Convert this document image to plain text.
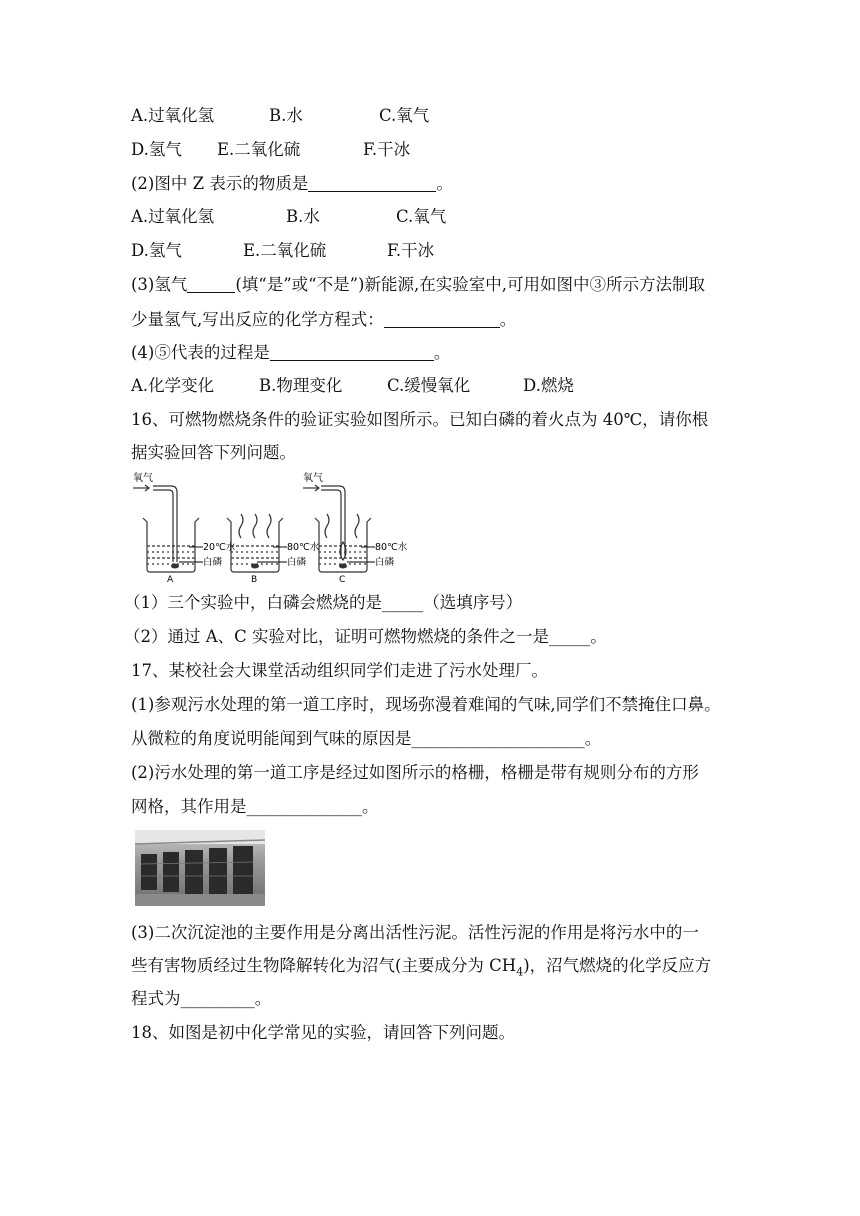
A.过氧化氢	B.水	C.氧气
D.氢气 E.二氧化硫	F.干冰
(2)图中 Z 表示的物质是	。
A.过氧化氢	B.水	C.氧气
D.氢气	E.二氧化硫	F.干冰
(3)氢气	(填“是”或“不是”)新能源,在实验室中,可用如图中③所示方法制取
少量氢气,写出反应的化学方程式：	。
(4)⑤代表的过程是	。
A.化学变化	B.物理变化	C.缓慢氧化	D.燃烧
16、可燃物燃烧条件的验证实验如图所示。已知白磷的着火点为 40℃，请你根
据实验回答下列问题。
氧气	氧气
20℃水
白磷
80℃水
白磷
80℃水
白磷
A	B	C
（1）三个实验中，白磷会燃烧的是_____（选填序号）
（2）通过 A、C 实验对比，证明可燃物燃烧的条件之一是_____。
17、某校社会大课堂活动组织同学们走进了污水处理厂。
(1)参观污水处理的第一道工序时，现场弥漫着难闻的气味,同学们不禁掩住口鼻。
从微粒的角度说明能闻到气味的原因是_____________________。
(2)污水处理的第一道工序是经过如图所示的格栅，格栅是带有规则分布的方形
网格，其作用是______________。
(3)二次沉淀池的主要作用是分离出活性污泥。活性污泥的作用是将污水中的一
些有害物质经过生物降解转化为沼气(主要成分为 $CH_4$)，沼气燃烧的化学反应方
程式为_________。
18、如图是初中化学常见的实验，请回答下列问题。
